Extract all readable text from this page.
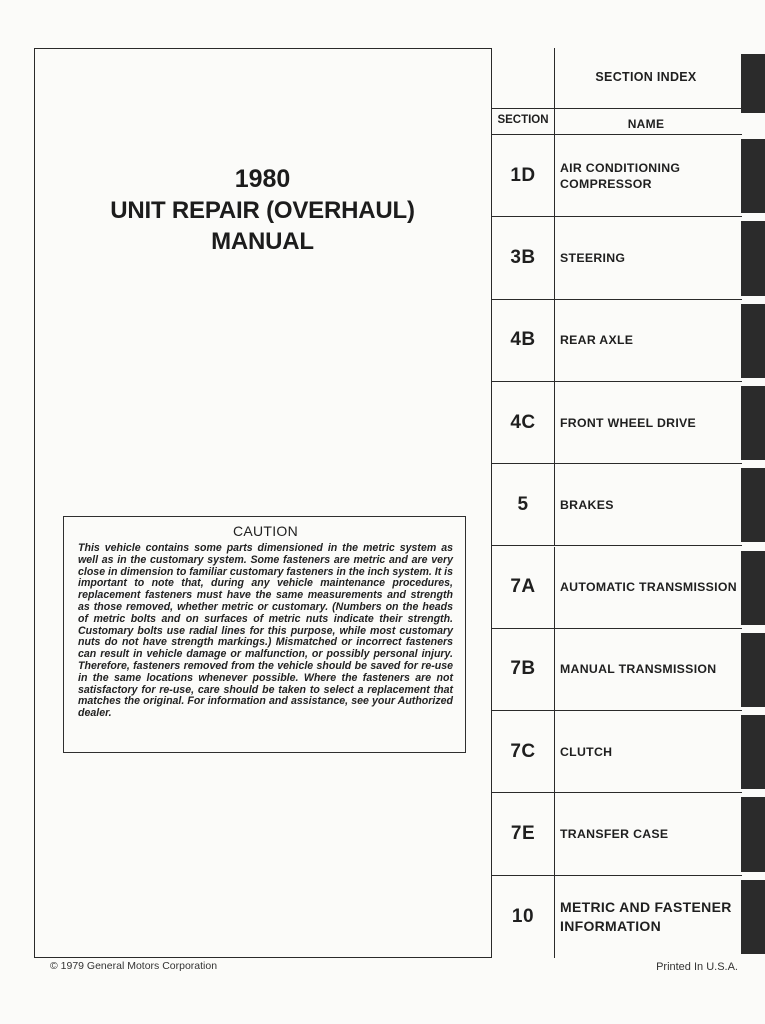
1980
UNIT REPAIR (OVERHAUL)
MANUAL
CAUTION
This vehicle contains some parts dimensioned in the metric system as well as in the customary system. Some fasteners are metric and are very close in dimension to familiar customary fasteners in the inch system. It is important to note that, during any vehicle maintenance procedures, replacement fasteners must have the same measurements and strength as those removed, whether metric or customary. (Numbers on the heads of metric bolts and on surfaces of metric nuts indicate their strength. Customary bolts use radial lines for this purpose, while most customary nuts do not have strength markings.) Mismatched or incorrect fasteners can result in vehicle damage or malfunction, or possibly personal injury. Therefore, fasteners removed from the vehicle should be saved for re-use in the same locations whenever possible. Where the fasteners are not satisfactory for re-use, care should be taken to select a replacement that matches the original. For information and assistance, see your Authorized dealer.
SECTION INDEX
SECTION	NAME
1D	AIR CONDITIONING COMPRESSOR
3B	STEERING
4B	REAR AXLE
4C	FRONT WHEEL DRIVE
5	BRAKES
7A	AUTOMATIC TRANSMISSION
7B	MANUAL TRANSMISSION
7C	CLUTCH
7E	TRANSFER CASE
10	METRIC AND FASTENER INFORMATION
© 1979 General Motors Corporation	Printed In U.S.A.
